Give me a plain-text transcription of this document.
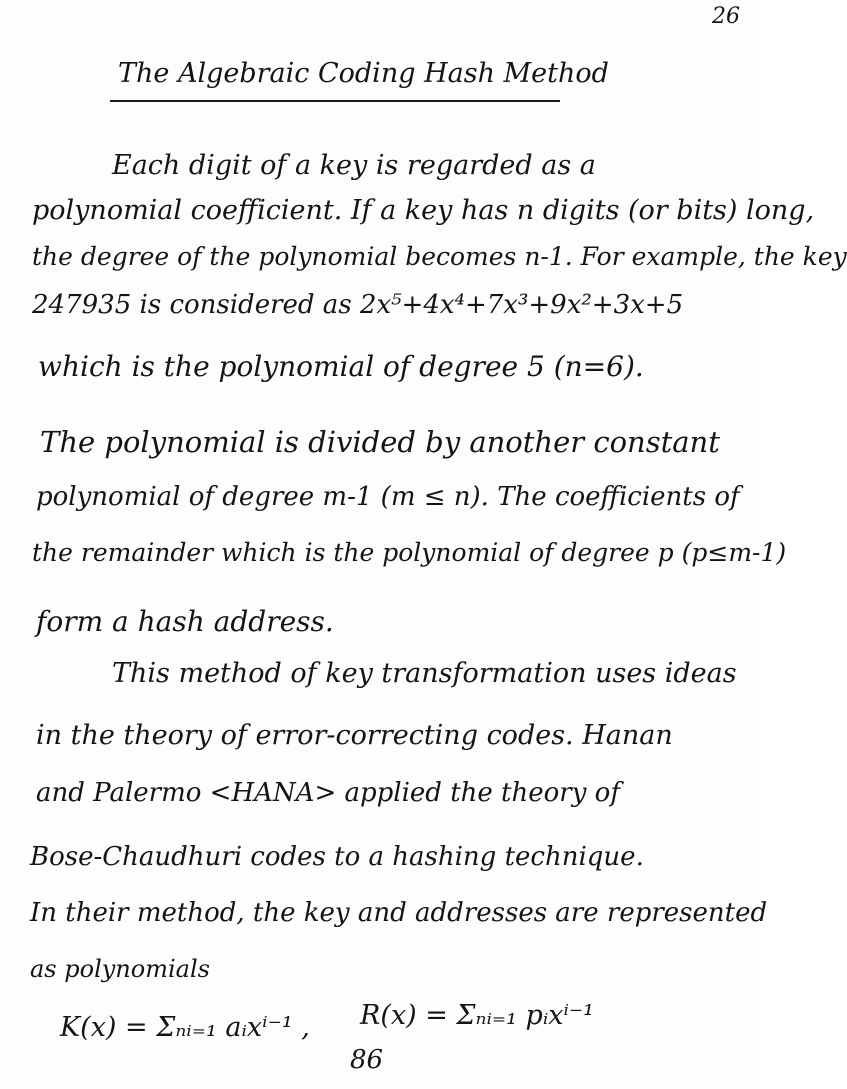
26
The Algebraic Coding Hash Method
Each digit of a key is regarded as a
polynomial coefficient. If a key has n digits (or bits) long,
the degree of the polynomial becomes n-1. For example, the key
247935 is considered as 2x⁵+4x⁴+7x³+9x²+3x+5
which is the polynomial of degree 5 (n=6).
The polynomial is divided by another constant
polynomial of degree m-1 (m ≤ n). The coefficients of
the remainder which is the polynomial of degree p (p≤m-1)
form a hash address.
This method of key transformation uses ideas
in the theory of error-correcting codes. Hanan
and Palermo <HANA> applied the theory of
Bose-Chaudhuri codes to a hashing technique.
In their method, the key and addresses are represented
as polynomials
K(x) = Σₙᵢ₌₁ aᵢxⁱ⁻¹ , R(x) = Σₙᵢ₌₁ pᵢxⁱ⁻¹
86
